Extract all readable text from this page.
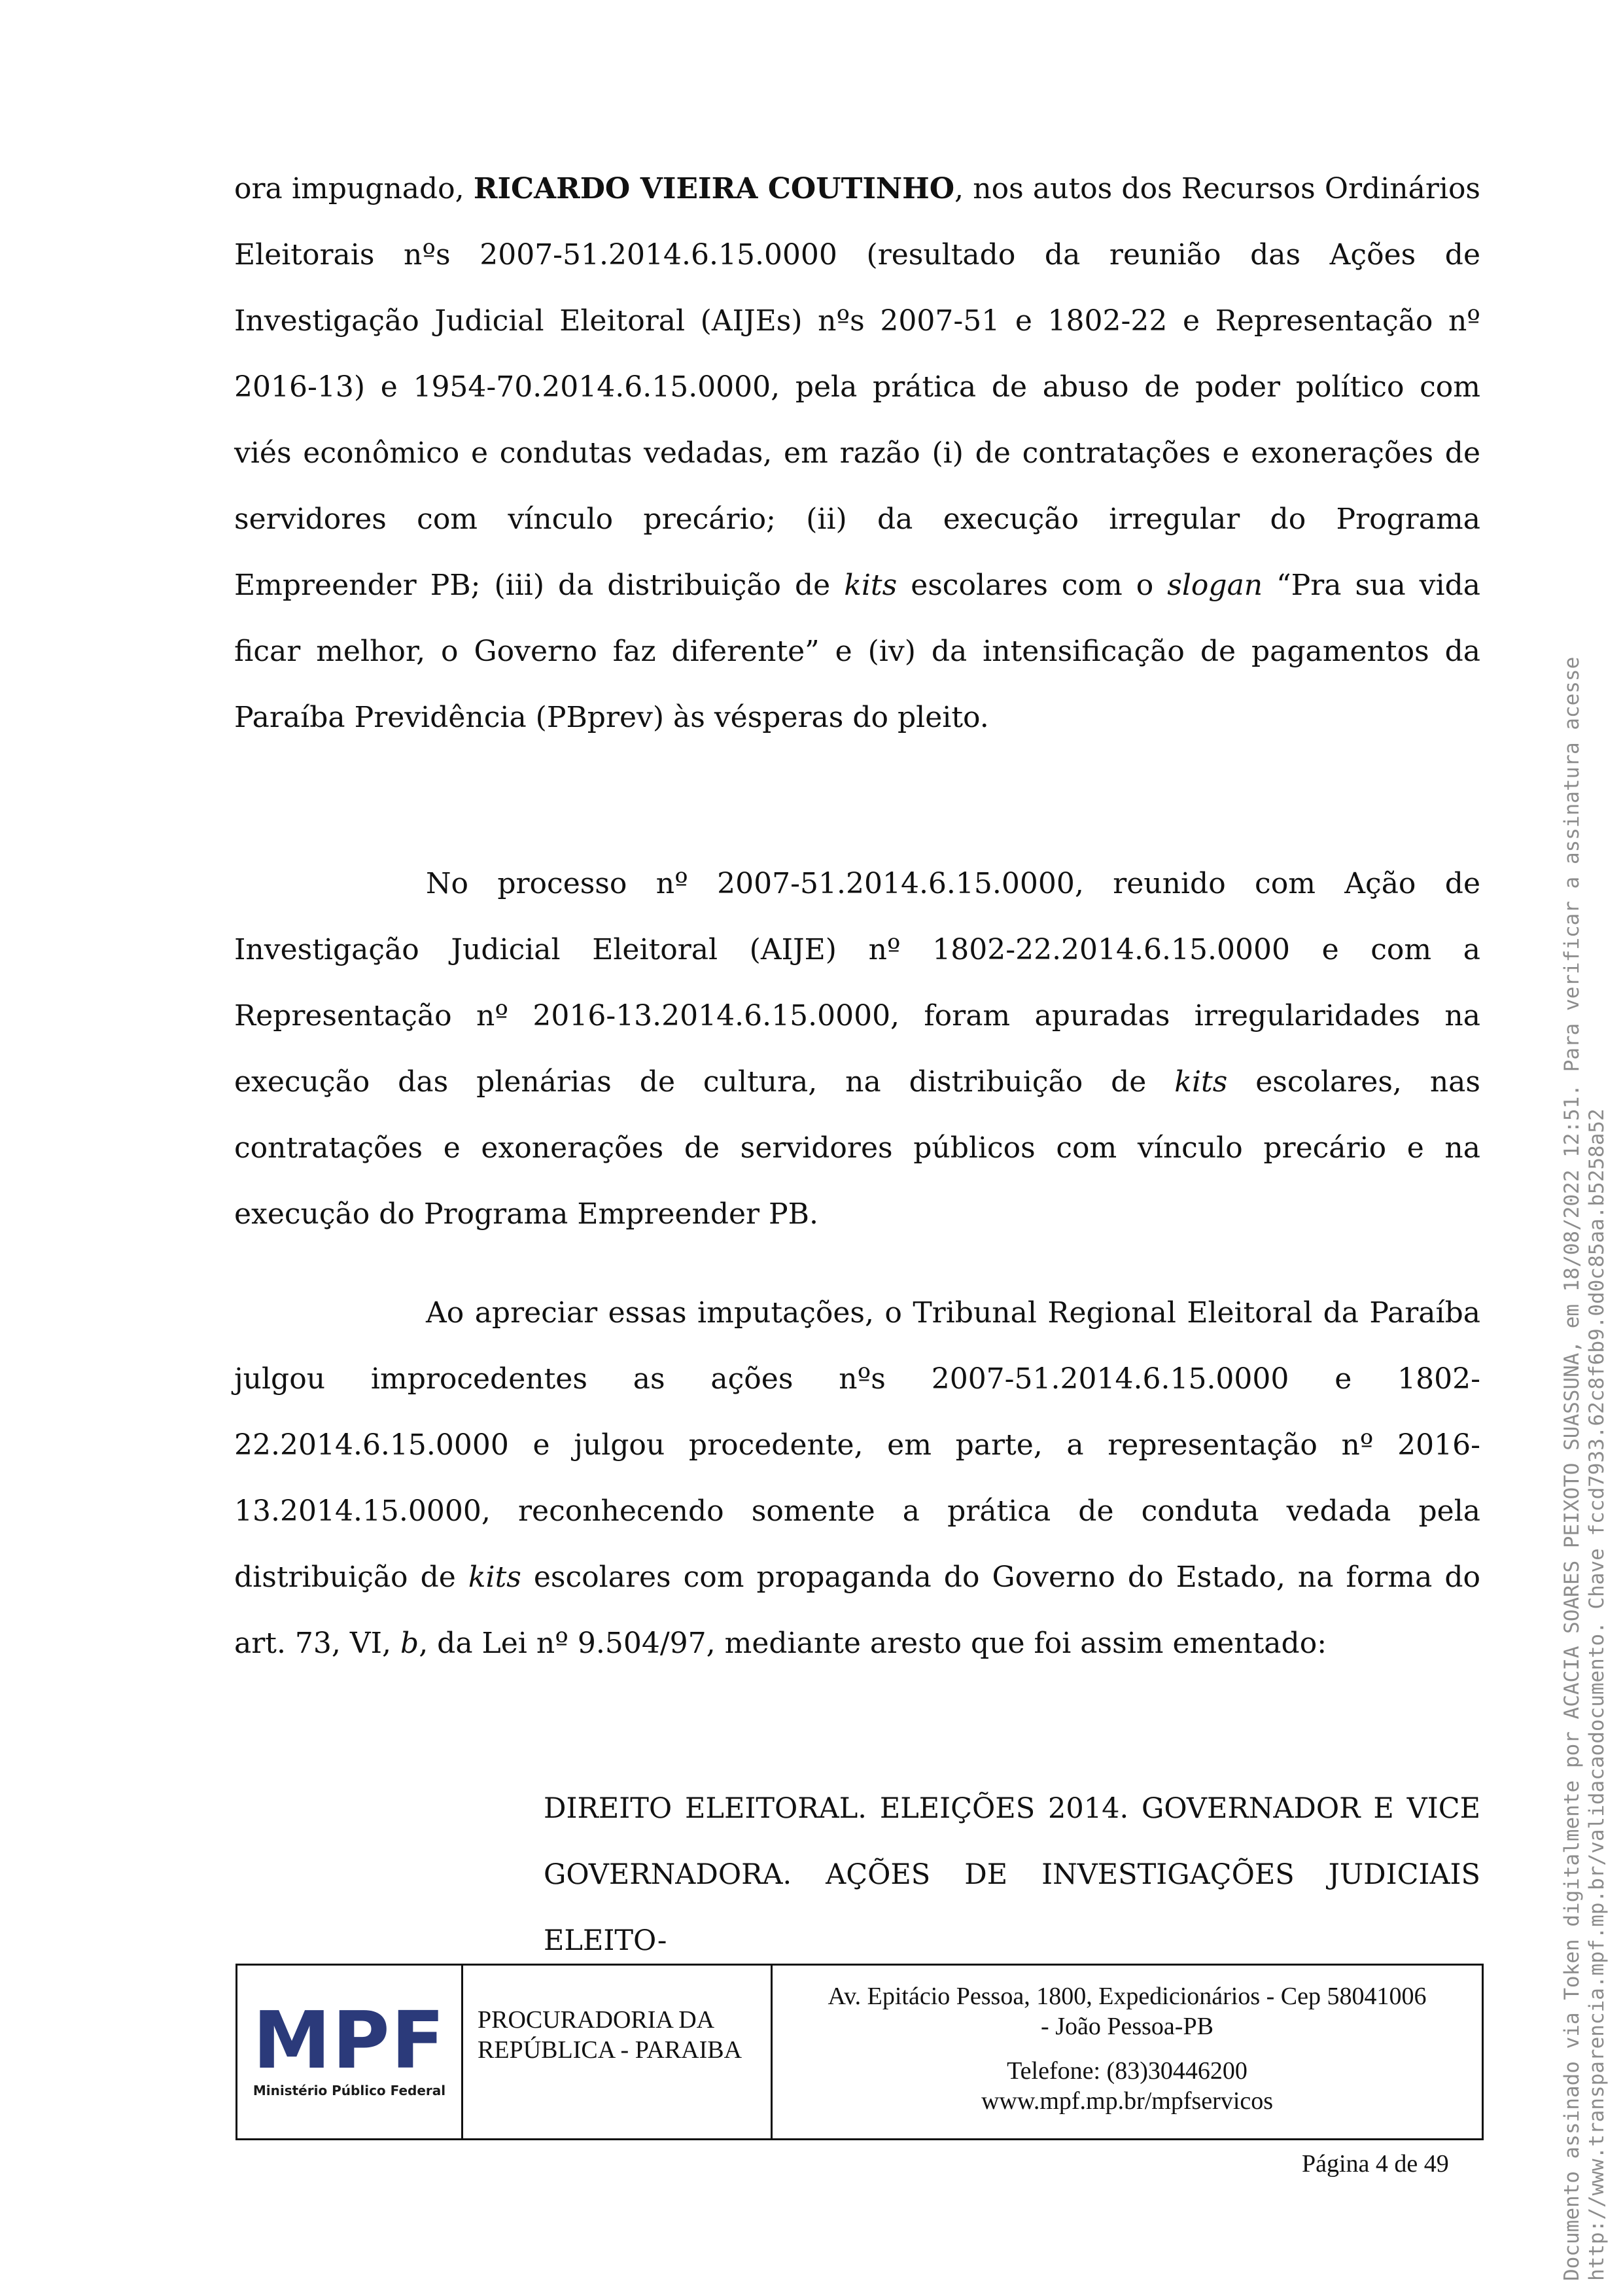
ora impugnado, RICARDO VIEIRA COUTINHO, nos autos dos Recursos Ordinários Eleitorais nºs 2007-51.2014.6.15.0000 (resultado da reunião das Ações de Investigação Judicial Eleitoral (AIJEs) nºs 2007-51 e 1802-22 e Representação nº 2016-13) e 1954-70.2014.6.15.0000, pela prática de abuso de poder político com viés econômico e condutas vedadas, em razão (i) de contratações e exonerações de servidores com vínculo precário; (ii) da execução irregular do Programa Empreender PB; (iii) da distribuição de kits escolares com o slogan “Pra sua vida ficar melhor, o Governo faz diferente” e (iv) da intensificação de pagamentos da Paraíba Previdência (PBprev) às vésperas do pleito.

No processo nº 2007-51.2014.6.15.0000, reunido com Ação de Investigação Judicial Eleitoral (AIJE) nº 1802-22.2014.6.15.0000 e com a Representação nº 2016-13.2014.6.15.0000, foram apuradas irregularidades na execução das plenárias de cultura, na distribuição de kits escolares, nas contratações e exonerações de servidores públicos com vínculo precário e na execução do Programa Empreender PB.

Ao apreciar essas imputações, o Tribunal Regional Eleitoral da Paraíba julgou improcedentes as ações nºs 2007-51.2014.6.15.0000 e 1802-22.2014.6.15.0000 e julgou procedente, em parte, a representação nº 2016-13.2014.15.0000, reconhecendo somente a prática de conduta vedada pela distribuição de kits escolares com propaganda do Governo do Estado, na forma do art. 73, VI, b, da Lei nº 9.504/97, mediante aresto que foi assim ementado:

DIREITO ELEITORAL. ELEIÇÕES 2014. GOVERNADOR E VICE GOVERNADORA. AÇÕES DE INVESTIGAÇÕES JUDICIAIS ELEITO-

MPF
Ministério Público Federal
PROCURADORIA DA REPÚBLICA - PARAIBA
Av. Epitácio Pessoa, 1800, Expedicionários - Cep 58041006
- João Pessoa-PB
Telefone: (83)30446200
www.mpf.mp.br/mpfservicos
Página 4 de 49	Documento assinado via Token digitalmente por ACACIA SOARES PEIXOTO SUASSUNA, em 18/08/2022 12:51. Para verificar a assinatura acesse http://www.transparencia.mpf.mp.br/validacaodocumento. Chave fccd7933.62c8f6b9.0d0c85aa.b5258a52
